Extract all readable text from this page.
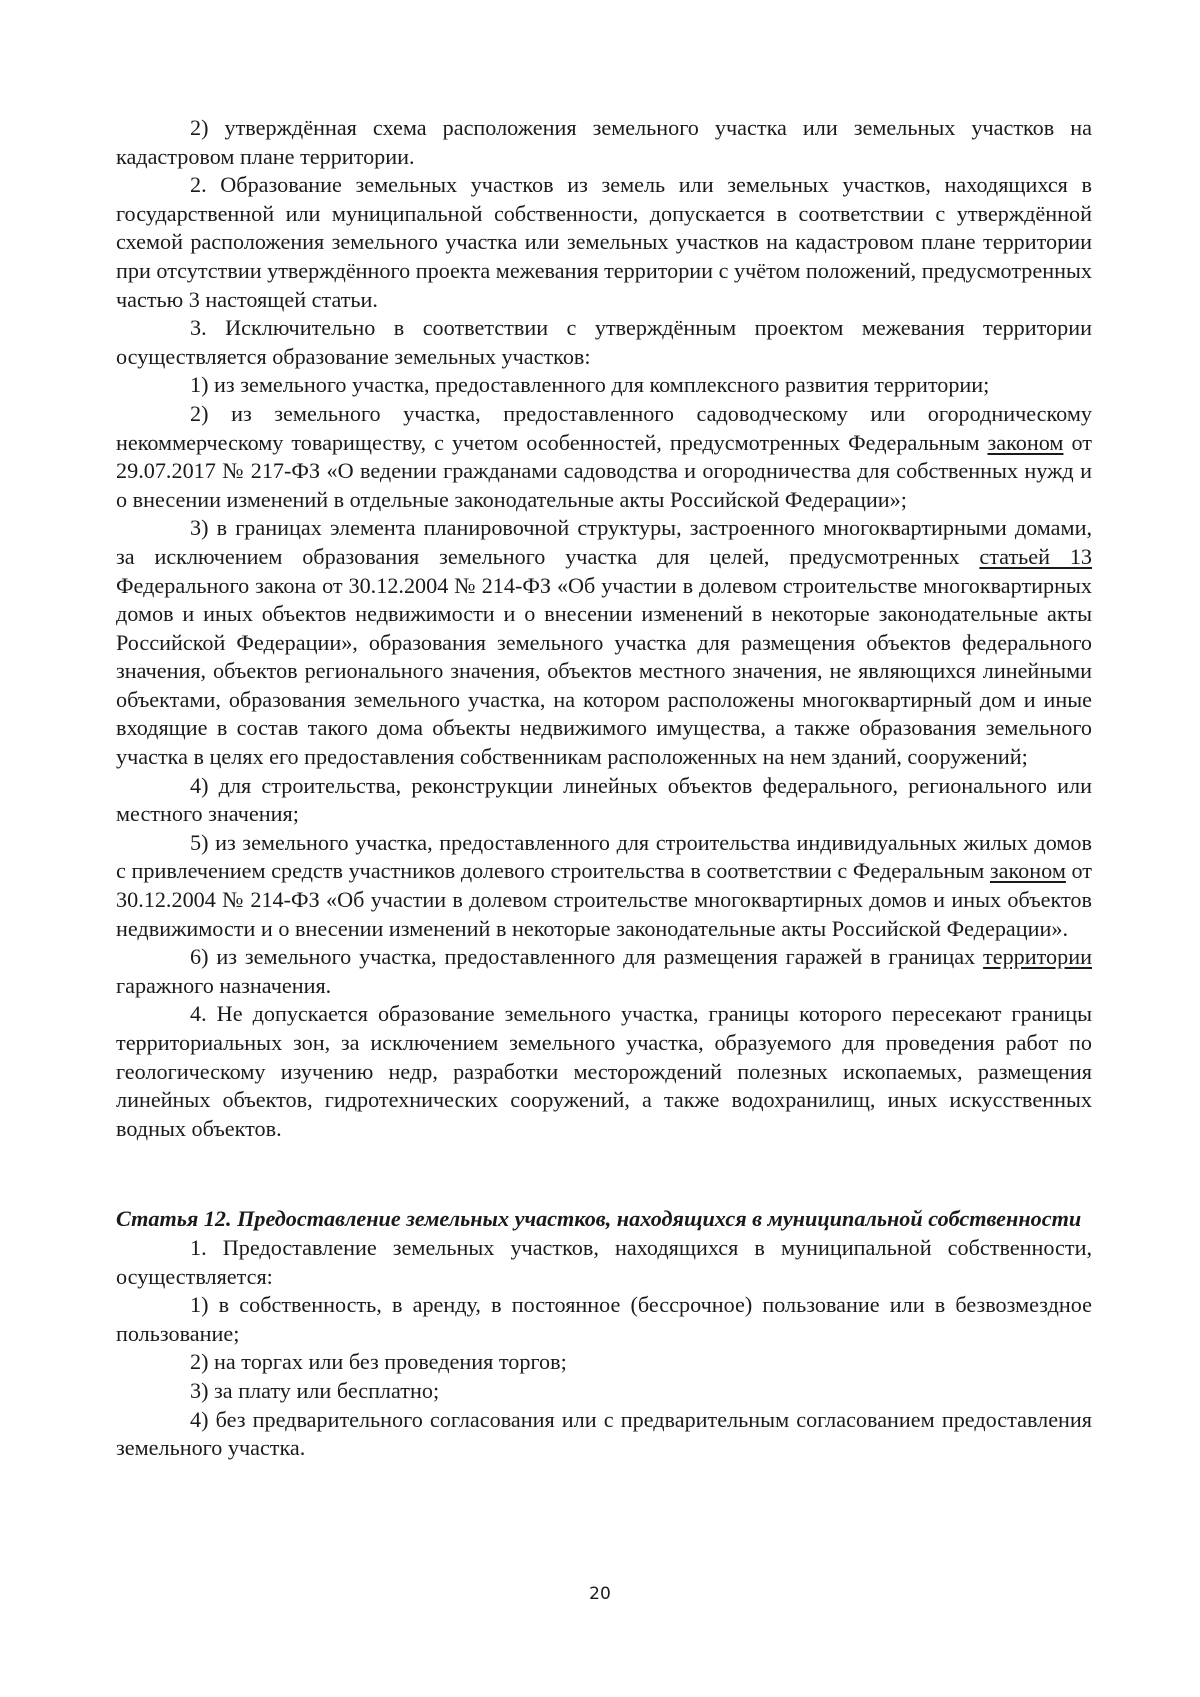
2) утверждённая схема расположения земельного участка или земельных участков на кадастровом плане территории.

2. Образование земельных участков из земель или земельных участков, находящихся в государственной или муниципальной собственности, допускается в соответствии с утверждённой схемой расположения земельного участка или земельных участков на кадастровом плане территории при отсутствии утверждённого проекта межевания территории с учётом положений, предусмотренных частью 3 настоящей статьи.

3. Исключительно в соответствии с утверждённым проектом межевания территории осуществляется образование земельных участков:

1) из земельного участка, предоставленного для комплексного развития территории;

2) из земельного участка, предоставленного садоводческому или огородническому некоммерческому товариществу, с учетом особенностей, предусмотренных Федеральным законом от 29.07.2017 № 217-ФЗ «О ведении гражданами садоводства и огородничества для собственных нужд и о внесении изменений в отдельные законодательные акты Российской Федерации»;

3) в границах элемента планировочной структуры, застроенного многоквартирными домами, за исключением образования земельного участка для целей, предусмотренных статьей 13 Федерального закона от 30.12.2004 № 214-ФЗ «Об участии в долевом строительстве многоквартирных домов и иных объектов недвижимости и о внесении изменений в некоторые законодательные акты Российской Федерации», образования земельного участка для размещения объектов федерального значения, объектов регионального значения, объектов местного значения, не являющихся линейными объектами, образования земельного участка, на котором расположены многоквартирный дом и иные входящие в состав такого дома объекты недвижимого имущества, а также образования земельного участка в целях его предоставления собственникам расположенных на нем зданий, сооружений;

4) для строительства, реконструкции линейных объектов федерального, регионального или местного значения;

5) из земельного участка, предоставленного для строительства индивидуальных жилых домов с привлечением средств участников долевого строительства в соответствии с Федеральным законом от 30.12.2004 № 214-ФЗ «Об участии в долевом строительстве многоквартирных домов и иных объектов недвижимости и о внесении изменений в некоторые законодательные акты Российской Федерации».

6) из земельного участка, предоставленного для размещения гаражей в границах территории гаражного назначения.

4. Не допускается образование земельного участка, границы которого пересекают границы территориальных зон, за исключением земельного участка, образуемого для проведения работ по геологическому изучению недр, разработки месторождений полезных ископаемых, размещения линейных объектов, гидротехнических сооружений, а также водохранилищ, иных искусственных водных объектов.

Статья 12. Предоставление земельных участков, находящихся в муниципальной собственности

1. Предоставление земельных участков, находящихся в муниципальной собственности, осуществляется:

1) в собственность, в аренду, в постоянное (бессрочное) пользование или в безвозмездное пользование;

2) на торгах или без проведения торгов;

3) за плату или бесплатно;

4) без предварительного согласования или с предварительным согласованием предоставления земельного участка.

20
